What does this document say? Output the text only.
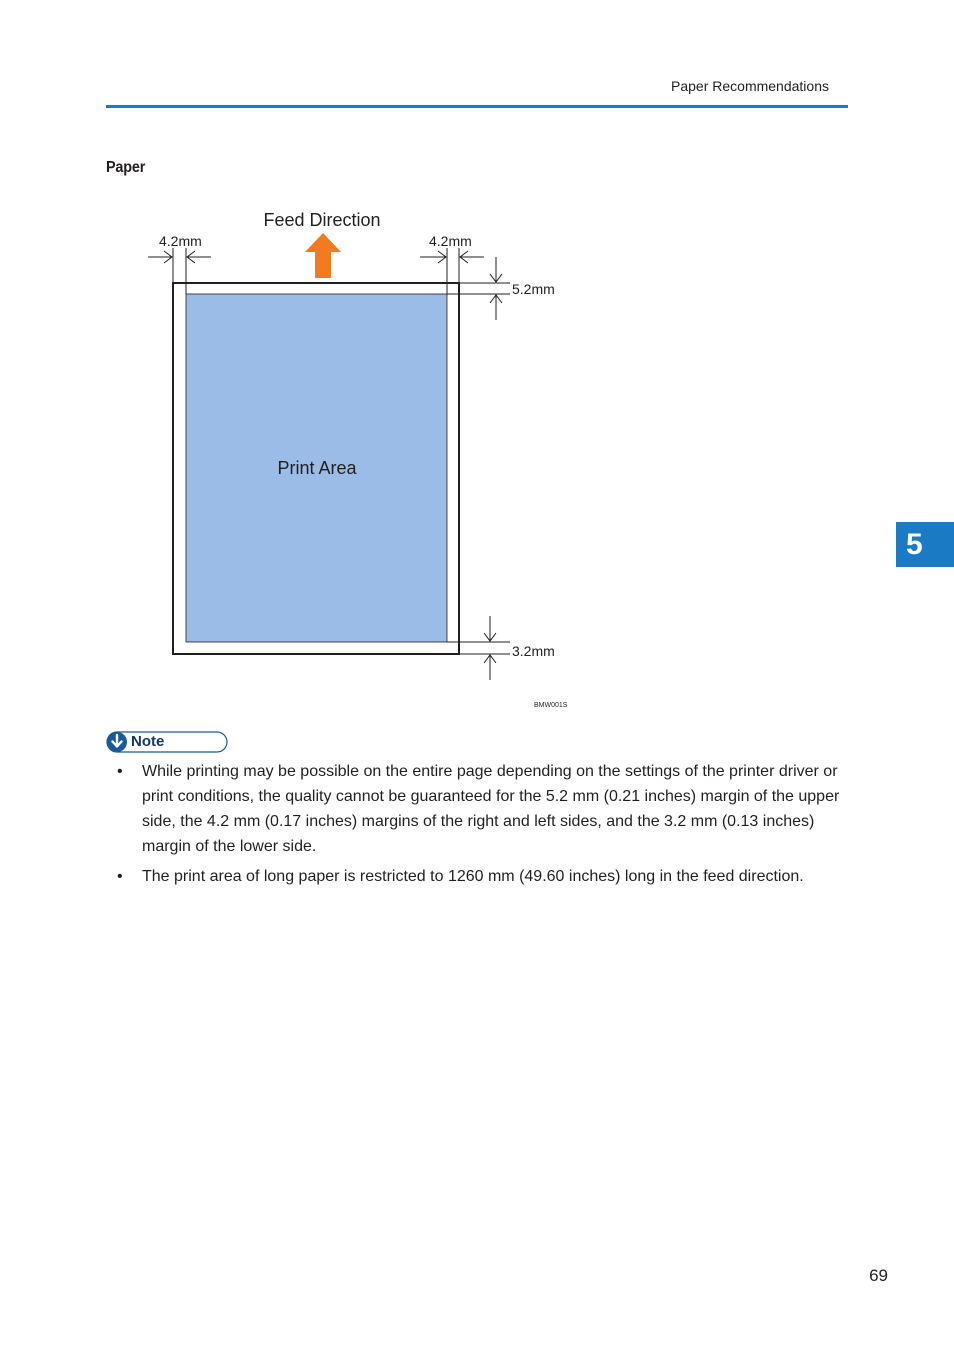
Paper Recommendations
Paper
Feed Direction
4.2mm	4.2mm
5.2mm
3.2mm
Print Area
BMW001S
5
Note
• While printing may be possible on the entire page depending on the settings of the printer driver or print conditions, the quality cannot be guaranteed for the 5.2 mm (0.21 inches) margin of the upper side, the 4.2 mm (0.17 inches) margins of the right and left sides, and the 3.2 mm (0.13 inches) margin of the lower side.
• The print area of long paper is restricted to 1260 mm (49.60 inches) long in the feed direction.
69
